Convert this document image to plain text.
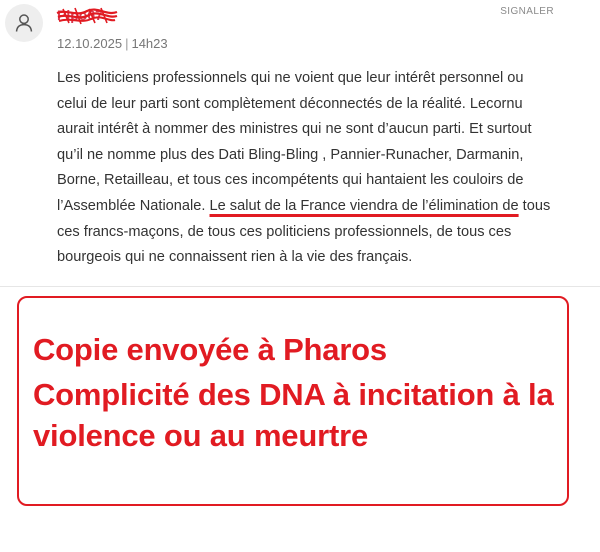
Pipo67	SIGNALER
12.10.2025 | 14h23

Les politiciens professionnels qui ne voient que leur intérêt personnel ou celui de leur parti sont complètement déconnectés de la réalité. Lecornu aurait intérêt à nommer des ministres qui ne sont d’aucun parti. Et surtout qu’il ne nomme plus des Dati Bling-Bling , Pannier-Runacher, Darmanin, Borne, Retailleau, et tous ces incompétents qui hantaient les couloirs de l’Assemblée Nationale. Le salut de la France viendra de l’élimination de tous ces francs-maçons, de tous ces politiciens professionnels, de tous ces bourgeois qui ne connaissent rien à la vie des français.

Copie envoyée à Pharos
Complicité des DNA à incitation à la
violence ou au meurtre
